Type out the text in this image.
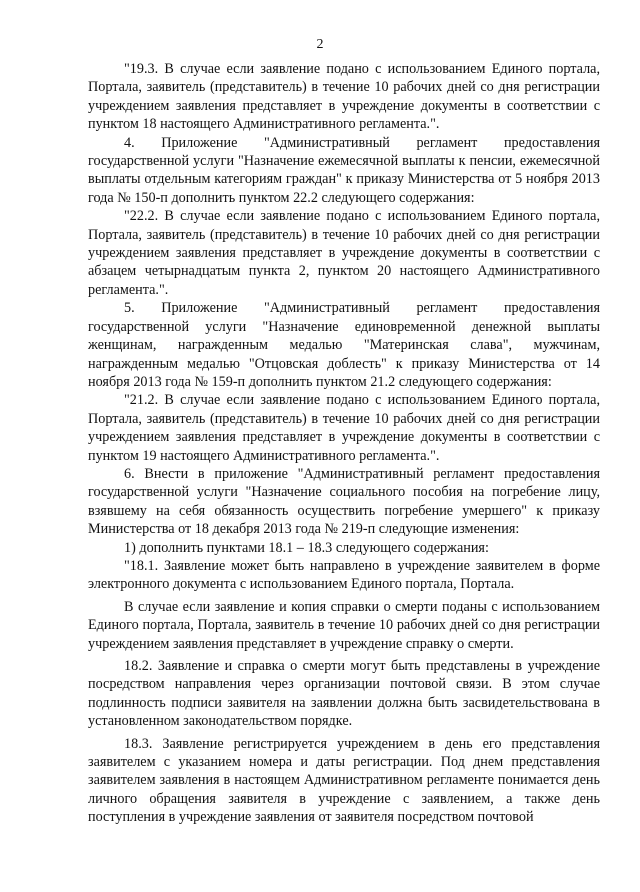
2

"19.3. В случае если заявление подано с использованием Единого портала, Портала, заявитель (представитель) в течение 10 рабочих дней со дня регистрации учреждением заявления представляет в учреждение документы в соответствии с пунктом 18 настоящего Административного регламента.".

4. Приложение "Административный регламент предоставления государственной услуги "Назначение ежемесячной выплаты к пенсии, ежемесячной выплаты отдельным категориям граждан" к приказу Министерства от 5 ноября 2013 года № 150-п дополнить пунктом 22.2 следующего содержания:

"22.2. В случае если заявление подано с использованием Единого портала, Портала, заявитель (представитель) в течение 10 рабочих дней со дня регистрации учреждением заявления представляет в учреждение документы в соответствии с абзацем четырнадцатым пункта 2, пунктом 20 настоящего Административного регламента.".

5. Приложение "Административный регламент предоставления государственной услуги "Назначение единовременной денежной выплаты женщинам, награжденным медалью "Материнская слава", мужчинам, награжденным медалью "Отцовская доблесть" к приказу Министерства от 14 ноября 2013 года № 159-п дополнить пунктом 21.2 следующего содержания:

"21.2. В случае если заявление подано с использованием Единого портала, Портала, заявитель (представитель) в течение 10 рабочих дней со дня регистрации учреждением заявления представляет в учреждение документы в соответствии с пунктом 19 настоящего Административного регламента.".

6. Внести в приложение "Административный регламент предоставления государственной услуги "Назначение социального пособия на погребение лицу, взявшему на себя обязанность осуществить погребение умершего" к приказу Министерства от 18 декабря 2013 года № 219-п следующие изменения:

1) дополнить пунктами 18.1 – 18.3 следующего содержания:

"18.1. Заявление может быть направлено в учреждение заявителем в форме электронного документа с использованием Единого портала, Портала.

В случае если заявление и копия справки о смерти поданы с использованием Единого портала, Портала, заявитель в течение 10 рабочих дней со дня регистрации учреждением заявления представляет в учреждение справку о смерти.

18.2. Заявление и справка о смерти могут быть представлены в учреждение посредством направления через организации почтовой связи. В этом случае подлинность подписи заявителя на заявлении должна быть засвидетельствована в установленном законодательством порядке.

18.3. Заявление регистрируется учреждением в день его представления заявителем с указанием номера и даты регистрации. Под днем представления заявителем заявления в настоящем Административном регламенте понимается день личного обращения заявителя в учреждение с заявлением, а также день поступления в учреждение заявления от заявителя посредством почтовой
